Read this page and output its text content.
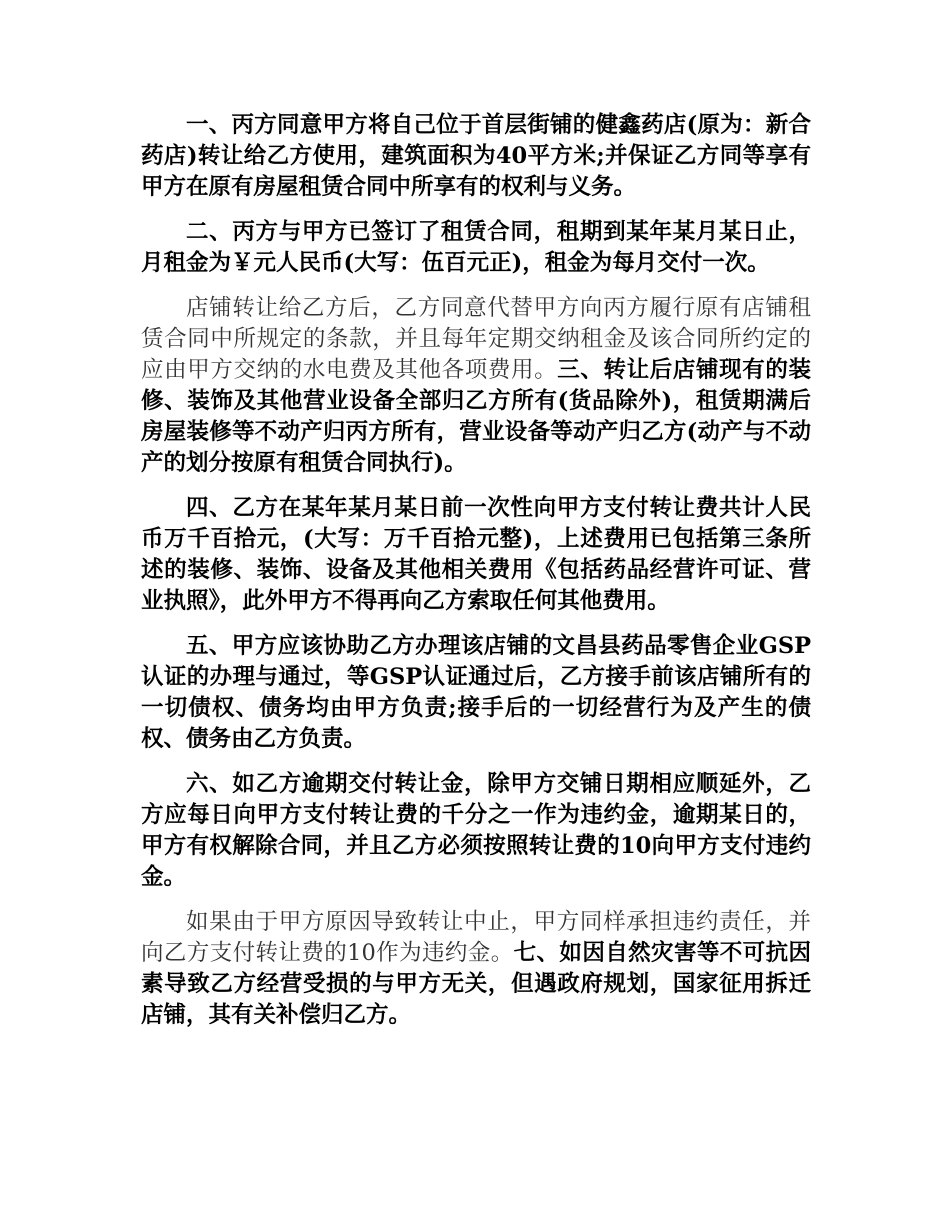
一、丙方同意甲方将自己位于首层街铺的健鑫药店(原为：新合药店)转让给乙方使用，建筑面积为40平方米;并保证乙方同等享有甲方在原有房屋租赁合同中所享有的权利与义务。

二、丙方与甲方已签订了租赁合同，租期到某年某月某日止，月租金为￥元人民币(大写：伍百元正)，租金为每月交付一次。

店铺转让给乙方后，乙方同意代替甲方向丙方履行原有店铺租赁合同中所规定的条款，并且每年定期交纳租金及该合同所约定的应由甲方交纳的水电费及其他各项费用。三、转让后店铺现有的装修、装饰及其他营业设备全部归乙方所有(货品除外)，租赁期满后房屋装修等不动产归丙方所有，营业设备等动产归乙方(动产与不动产的划分按原有租赁合同执行)。

四、乙方在某年某月某日前一次性向甲方支付转让费共计人民币万千百拾元，(大写：万千百拾元整)，上述费用已包括第三条所述的装修、装饰、设备及其他相关费用《包括药品经营许可证、营业执照》，此外甲方不得再向乙方索取任何其他费用。

五、甲方应该协助乙方办理该店铺的文昌县药品零售企业GSP认证的办理与通过，等GSP认证通过后，乙方接手前该店铺所有的一切债权、债务均由甲方负责;接手后的一切经营行为及产生的债权、债务由乙方负责。

六、如乙方逾期交付转让金，除甲方交铺日期相应顺延外，乙方应每日向甲方支付转让费的千分之一作为违约金，逾期某日的，甲方有权解除合同，并且乙方必须按照转让费的10向甲方支付违约金。

如果由于甲方原因导致转让中止，甲方同样承担违约责任，并向乙方支付转让费的10作为违约金。七、如因自然灾害等不可抗因素导致乙方经营受损的与甲方无关，但遇政府规划，国家征用拆迁店铺，其有关补偿归乙方。
